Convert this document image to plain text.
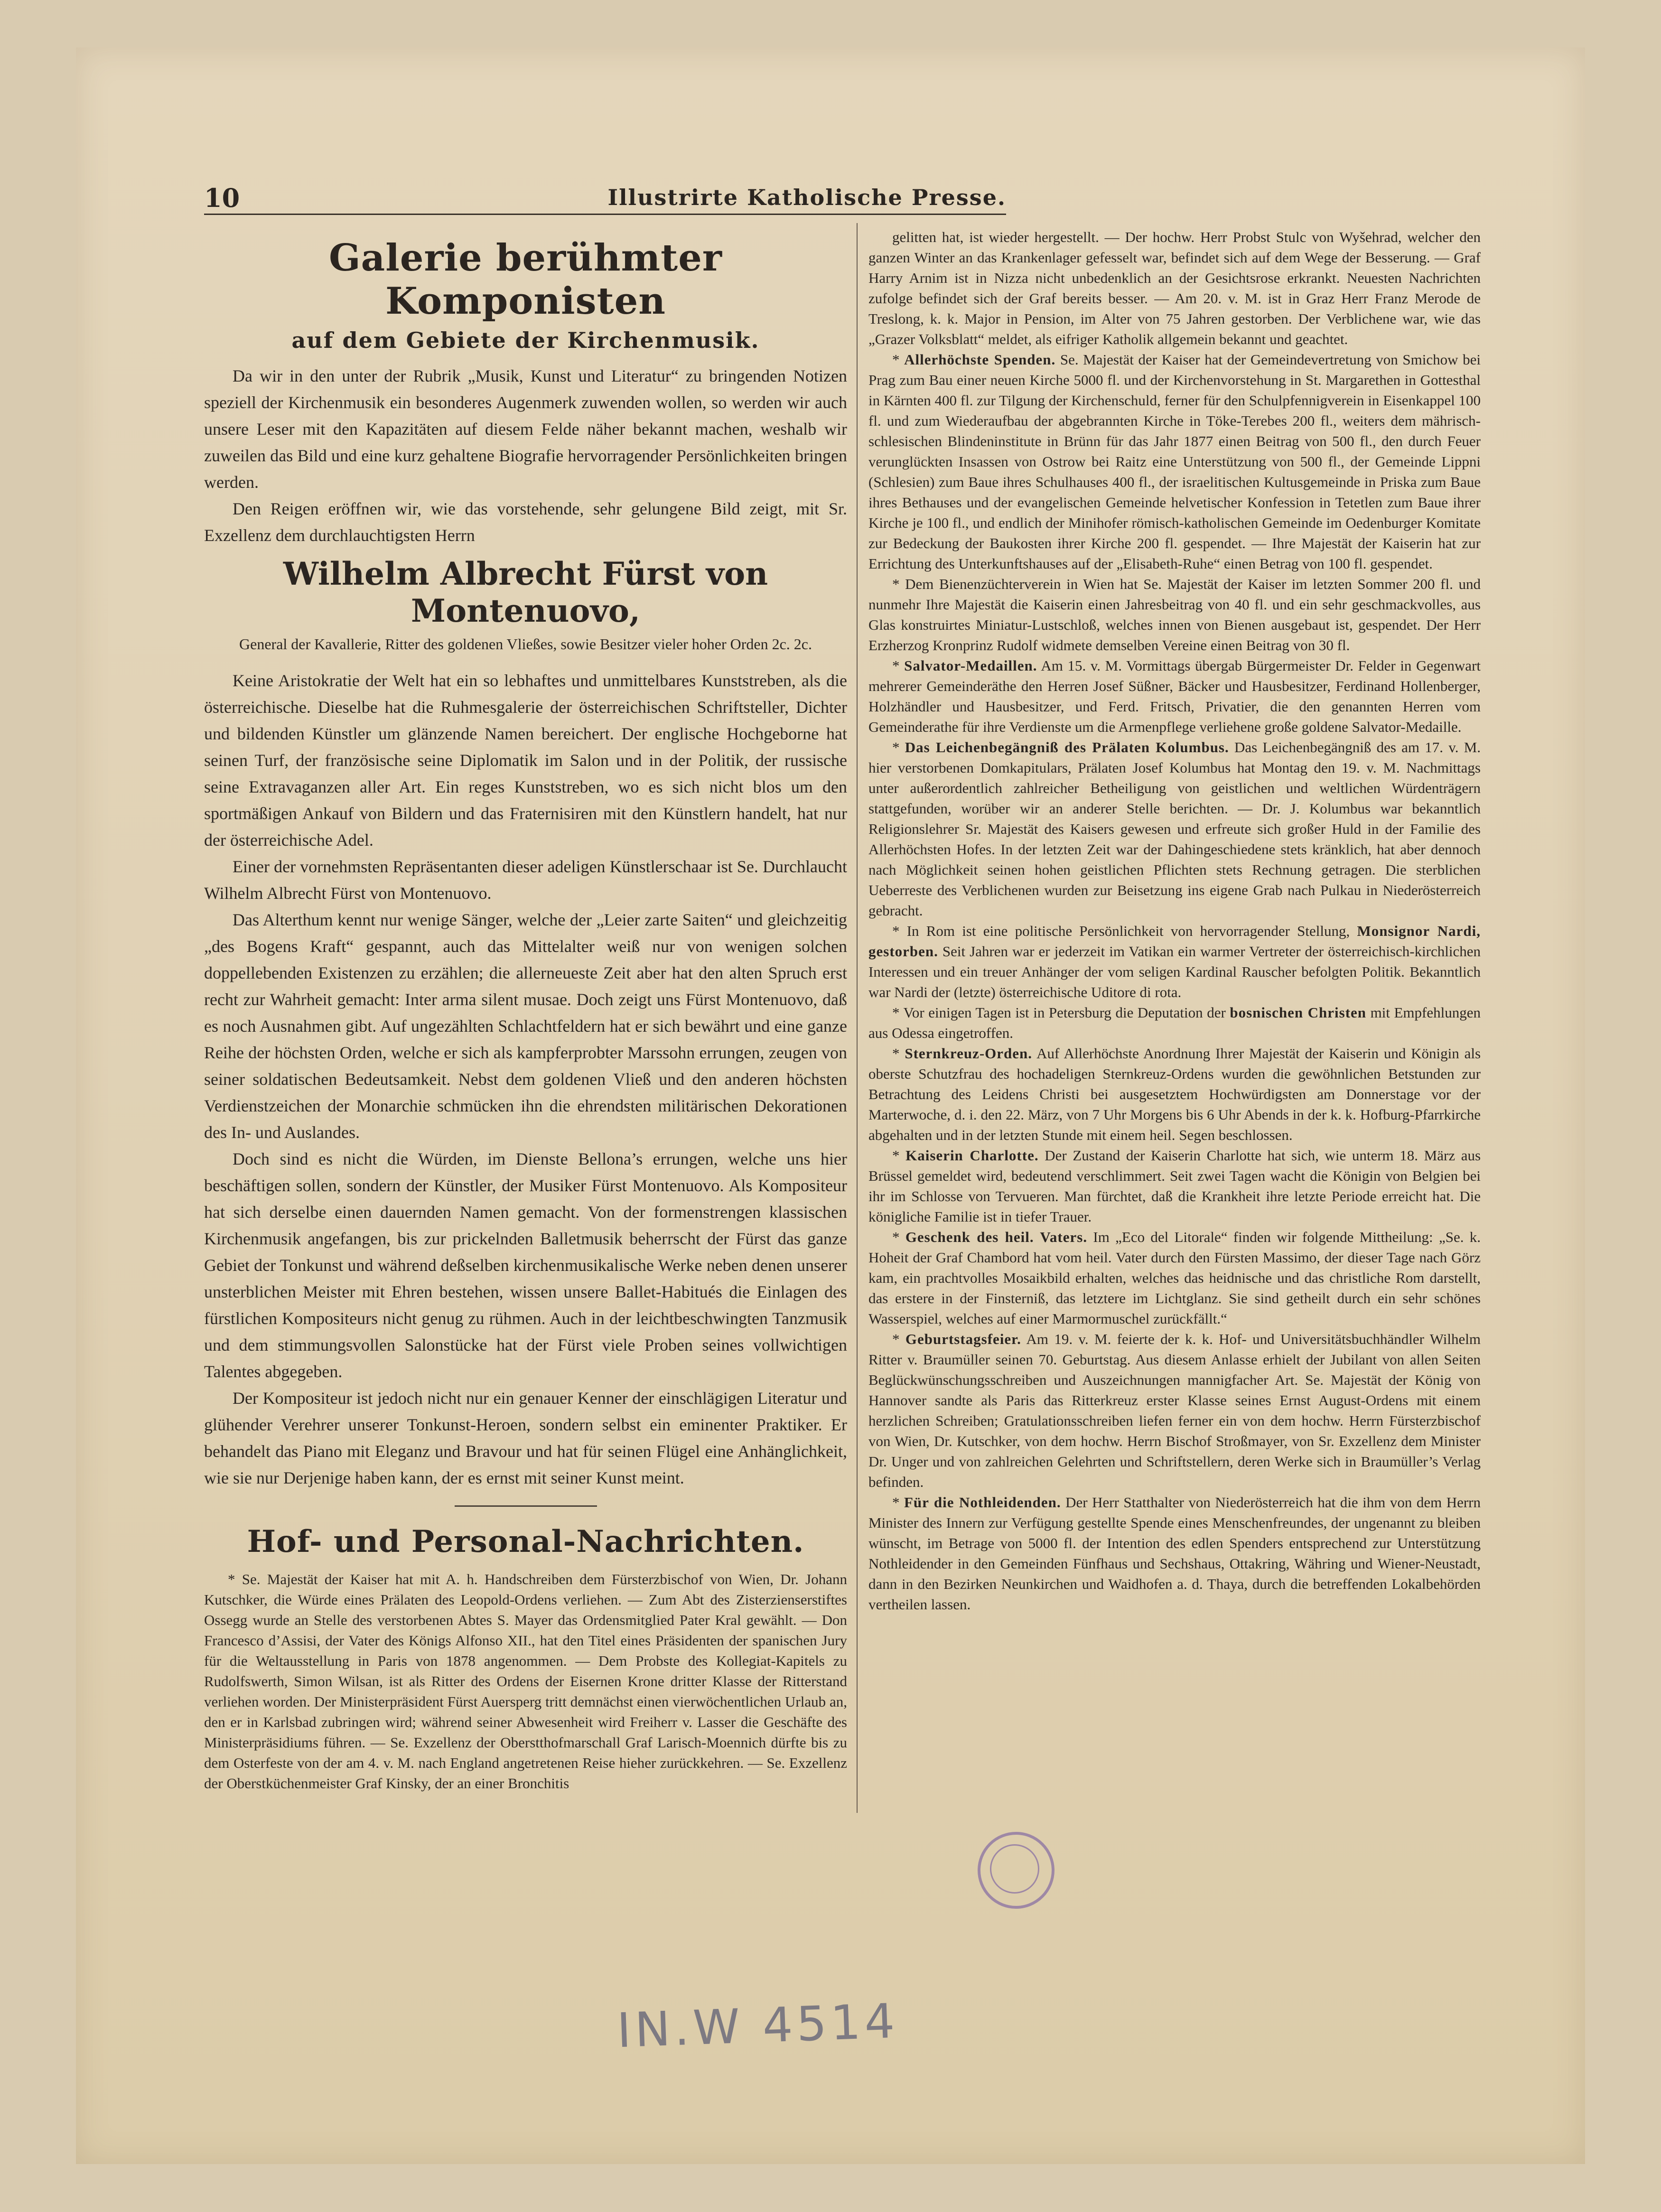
10	Illustrirte Katholische Presse.
Galerie berühmter Komponisten
auf dem Gebiete der Kirchenmusik.

Da wir in den unter der Rubrik „Musik, Kunst und Literatur“ zu bringenden Notizen speziell der Kirchenmusik ein besonderes Augenmerk zuwenden wollen, so werden wir auch unsere Leser mit den Kapazitäten auf diesem Felde näher bekannt machen, weshalb wir zuweilen das Bild und eine kurz gehaltene Biografie hervorragender Persönlichkeiten bringen werden.

Den Reigen eröffnen wir, wie das vorstehende, sehr gelungene Bild zeigt, mit Sr. Exzellenz dem durchlauchtigsten Herrn

Wilhelm Albrecht Fürst von Montenuovo,
General der Kavallerie, Ritter des goldenen Vließes, sowie Besitzer vieler hoher Orden 2c. 2c.

Keine Aristokratie der Welt hat ein so lebhaftes und unmittelbares Kunststreben, als die österreichische. Dieselbe hat die Ruhmesgalerie der österreichischen Schriftsteller, Dichter und bildenden Künstler um glänzende Namen bereichert. Der englische Hochgeborne hat seinen Turf, der französische seine Diplomatik im Salon und in der Politik, der russische seine Extravaganzen aller Art. Ein reges Kunststreben, wo es sich nicht blos um den sportmäßigen Ankauf von Bildern und das Fraternisiren mit den Künstlern handelt, hat nur der österreichische Adel.

Einer der vornehmsten Repräsentanten dieser adeligen Künstlerschaar ist Se. Durchlaucht Wilhelm Albrecht Fürst von Montenuovo.

Das Alterthum kennt nur wenige Sänger, welche der „Leier zarte Saiten“ und gleichzeitig „des Bogens Kraft“ gespannt, auch das Mittelalter weiß nur von wenigen solchen doppellebenden Existenzen zu erzählen; die allerneueste Zeit aber hat den alten Spruch erst recht zur Wahrheit gemacht: Inter arma silent musae. Doch zeigt uns Fürst Montenuovo, daß es noch Ausnahmen gibt. Auf ungezählten Schlachtfeldern hat er sich bewährt und eine ganze Reihe der höchsten Orden, welche er sich als kampferprobter Marssohn errungen, zeugen von seiner soldatischen Bedeutsamkeit. Nebst dem goldenen Vließ und den anderen höchsten Verdienstzeichen der Monarchie schmücken ihn die ehrendsten militärischen Dekorationen des In- und Auslandes.

Doch sind es nicht die Würden, im Dienste Bellona’s errungen, welche uns hier beschäftigen sollen, sondern der Künstler, der Musiker Fürst Montenuovo. Als Kompositeur hat sich derselbe einen dauernden Namen gemacht. Von der formenstrengen klassischen Kirchenmusik angefangen, bis zur prickelnden Balletmusik beherrscht der Fürst das ganze Gebiet der Tonkunst und während deßselben kirchenmusikalische Werke neben denen unserer unsterblichen Meister mit Ehren bestehen, wissen unsere Ballet-Habitués die Einlagen des fürstlichen Kompositeurs nicht genug zu rühmen. Auch in der leichtbeschwingten Tanzmusik und dem stimmungsvollen Salonstücke hat der Fürst viele Proben seines vollwichtigen Talentes abgegeben.

Der Kompositeur ist jedoch nicht nur ein genauer Kenner der einschlägigen Literatur und glühender Verehrer unserer Tonkunst-Heroen, sondern selbst ein eminenter Praktiker. Er behandelt das Piano mit Eleganz und Bravour und hat für seinen Flügel eine Anhänglichkeit, wie sie nur Derjenige haben kann, der es ernst mit seiner Kunst meint.

Hof- und Personal-Nachrichten.

* Se. Majestät der Kaiser hat mit A. h. Handschreiben dem Fürsterzbischof von Wien, Dr. Johann Kutschker, die Würde eines Prälaten des Leopold-Ordens verliehen. — Zum Abt des Zisterzienserstiftes Ossegg wurde an Stelle des verstorbenen Abtes S. Mayer das Ordensmitglied Pater Kral gewählt. — Don Francesco d’Assisi, der Vater des Königs Alfonso XII., hat den Titel eines Präsidenten der spanischen Jury für die Weltausstellung in Paris von 1878 angenommen. — Dem Probste des Kollegiat-Kapitels zu Rudolfswerth, Simon Wilsan, ist als Ritter des Ordens der Eisernen Krone dritter Klasse der Ritterstand verliehen worden. Der Ministerpräsident Fürst Auersperg tritt demnächst einen vierwöchentlichen Urlaub an, den er in Karlsbad zubringen wird; während seiner Abwesenheit wird Freiherr v. Lasser die Geschäfte des Ministerpräsidiums führen. — Se. Exzellenz der Oberstthofmarschall Graf Larisch-Moennich dürfte bis zu dem Osterfeste von der am 4. v. M. nach England angetretenen Reise hieher zurückkehren. — Se. Exzellenz der Oberstküchenmeister Graf Kinsky, der an einer Bronchitis

gelitten hat, ist wieder hergestellt. — Der hochw. Herr Probst Stulc von Wyšehrad, welcher den ganzen Winter an das Krankenlager gefesselt war, befindet sich auf dem Wege der Besserung. — Graf Harry Arnim ist in Nizza nicht unbedenklich an der Gesichtsrose erkrankt. Neuesten Nachrichten zufolge befindet sich der Graf bereits besser. — Am 20. v. M. ist in Graz Herr Franz Merode de Treslong, k. k. Major in Pension, im Alter von 75 Jahren gestorben. Der Verblichene war, wie das „Grazer Volksblatt“ meldet, als eifriger Katholik allgemein bekannt und geachtet.

* Allerhöchste Spenden. Se. Majestät der Kaiser hat der Gemeindevertretung von Smichow bei Prag zum Bau einer neuen Kirche 5000 fl. und der Kirchenvorstehung in St. Margarethen in Gottesthal in Kärnten 400 fl. zur Tilgung der Kirchenschuld, ferner für den Schulpfennigverein in Eisenkappel 100 fl. und zum Wiederaufbau der abgebrannten Kirche in Töke-Terebes 200 fl., weiters dem mährisch-schlesischen Blindeninstitute in Brünn für das Jahr 1877 einen Beitrag von 500 fl., den durch Feuer verunglückten Insassen von Ostrow bei Raitz eine Unterstützung von 500 fl., der Gemeinde Lippni (Schlesien) zum Baue ihres Schulhauses 400 fl., der israelitischen Kultusgemeinde in Priska zum Baue ihres Bethauses und der evangelischen Gemeinde helvetischer Konfession in Tetetlen zum Baue ihrer Kirche je 100 fl., und endlich der Minihofer römisch-katholischen Gemeinde im Oedenburger Komitate zur Bedeckung der Baukosten ihrer Kirche 200 fl. gespendet. — Ihre Majestät der Kaiserin hat zur Errichtung des Unterkunftshauses auf der „Elisabeth-Ruhe“ einen Betrag von 100 fl. gespendet.

* Dem Bienenzüchterverein in Wien hat Se. Majestät der Kaiser im letzten Sommer 200 fl. und nunmehr Ihre Majestät die Kaiserin einen Jahresbeitrag von 40 fl. und ein sehr geschmackvolles, aus Glas konstruirtes Miniatur-Lustschloß, welches innen von Bienen ausgebaut ist, gespendet. Der Herr Erzherzog Kronprinz Rudolf widmete demselben Vereine einen Beitrag von 30 fl.

* Salvator-Medaillen. Am 15. v. M. Vormittags übergab Bürgermeister Dr. Felder in Gegenwart mehrerer Gemeinderäthe den Herren Josef Süßner, Bäcker und Hausbesitzer, Ferdinand Hollenberger, Holzhändler und Hausbesitzer, und Ferd. Fritsch, Privatier, die den genannten Herren vom Gemeinderathe für ihre Verdienste um die Armenpflege verliehene große goldene Salvator-Medaille.

* Das Leichenbegängniß des Prälaten Kolumbus. Das Leichenbegängniß des am 17. v. M. hier verstorbenen Domkapitulars, Prälaten Josef Kolumbus hat Montag den 19. v. M. Nachmittags unter außerordentlich zahlreicher Betheiligung von geistlichen und weltlichen Würdenträgern stattgefunden, worüber wir an anderer Stelle berichten. — Dr. J. Kolumbus war bekanntlich Religionslehrer Sr. Majestät des Kaisers gewesen und erfreute sich großer Huld in der Familie des Allerhöchsten Hofes. In der letzten Zeit war der Dahingeschiedene stets kränklich, hat aber dennoch nach Möglichkeit seinen hohen geistlichen Pflichten stets Rechnung getragen. Die sterblichen Ueberreste des Verblichenen wurden zur Beisetzung ins eigene Grab nach Pulkau in Niederösterreich gebracht.

* In Rom ist eine politische Persönlichkeit von hervorragender Stellung, Monsignor Nardi, gestorben. Seit Jahren war er jederzeit im Vatikan ein warmer Vertreter der österreichisch-kirchlichen Interessen und ein treuer Anhänger der vom seligen Kardinal Rauscher befolgten Politik. Bekanntlich war Nardi der (letzte) österreichische Uditore di rota.

* Vor einigen Tagen ist in Petersburg die Deputation der bosnischen Christen mit Empfehlungen aus Odessa eingetroffen.

* Sternkreuz-Orden. Auf Allerhöchste Anordnung Ihrer Majestät der Kaiserin und Königin als oberste Schutzfrau des hochadeligen Sternkreuz-Ordens wurden die gewöhnlichen Betstunden zur Betrachtung des Leidens Christi bei ausgesetztem Hochwürdigsten am Donnerstage vor der Marterwoche, d. i. den 22. März, von 7 Uhr Morgens bis 6 Uhr Abends in der k. k. Hofburg-Pfarrkirche abgehalten und in der letzten Stunde mit einem heil. Segen beschlossen.

* Kaiserin Charlotte. Der Zustand der Kaiserin Charlotte hat sich, wie unterm 18. März aus Brüssel gemeldet wird, bedeutend verschlimmert. Seit zwei Tagen wacht die Königin von Belgien bei ihr im Schlosse von Tervueren. Man fürchtet, daß die Krankheit ihre letzte Periode erreicht hat. Die königliche Familie ist in tiefer Trauer.

* Geschenk des heil. Vaters. Im „Eco del Litorale“ finden wir folgende Mittheilung: „Se. k. Hoheit der Graf Chambord hat vom heil. Vater durch den Fürsten Massimo, der dieser Tage nach Görz kam, ein prachtvolles Mosaikbild erhalten, welches das heidnische und das christliche Rom darstellt, das erstere in der Finsterniß, das letztere im Lichtglanz. Sie sind getheilt durch ein sehr schönes Wasserspiel, welches auf einer Marmormuschel zurückfällt.“

* Geburtstagsfeier. Am 19. v. M. feierte der k. k. Hof- und Universitätsbuchhändler Wilhelm Ritter v. Braumüller seinen 70. Geburtstag. Aus diesem Anlasse erhielt der Jubilant von allen Seiten Beglückwünschungsschreiben und Auszeichnungen mannigfacher Art. Se. Majestät der König von Hannover sandte als Paris das Ritterkreuz erster Klasse seines Ernst August-Ordens mit einem herzlichen Schreiben; Gratulationsschreiben liefen ferner ein von dem hochw. Herrn Fürsterzbischof von Wien, Dr. Kutschker, von dem hochw. Herrn Bischof Stroßmayer, von Sr. Exzellenz dem Minister Dr. Unger und von zahlreichen Gelehrten und Schriftstellern, deren Werke sich in Braumüller’s Verlag befinden.

* Für die Nothleidenden. Der Herr Statthalter von Niederösterreich hat die ihm von dem Herrn Minister des Innern zur Verfügung gestellte Spende eines Menschenfreundes, der ungenannt zu bleiben wünscht, im Betrage von 5000 fl. der Intention des edlen Spenders entsprechend zur Unterstützung Nothleidender in den Gemeinden Fünfhaus und Sechshaus, Ottakring, Währing und Wiener-Neustadt, dann in den Bezirken Neunkirchen und Waidhofen a. d. Thaya, durch die betreffenden Lokalbehörden vertheilen lassen.

IN.W 4514
